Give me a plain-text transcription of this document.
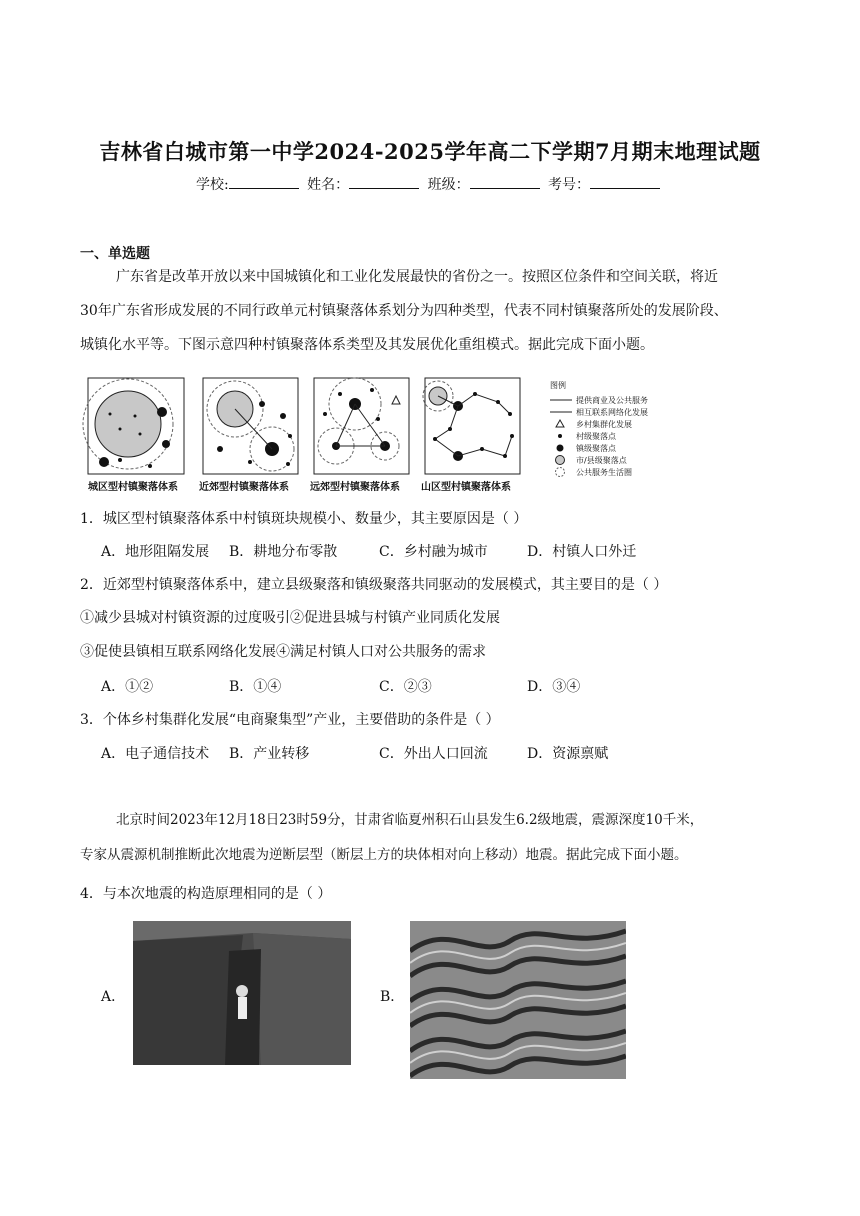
吉林省白城市第一中学2024-2025学年高二下学期7月期末地理试题
学校:	姓名：	班级：	考号：
一、单选题
广东省是改革开放以来中国城镇化和工业化发展最快的省份之一。按照区位条件和空间关联，将近
30年广东省形成发展的不同行政单元村镇聚落体系划分为四种类型，代表不同村镇聚落所处的发展阶段、
城镇化水平等。下图示意四种村镇聚落体系类型及其发展优化重组模式。据此完成下面小题。
图例
提供商业及公共服务
相互联系网络化发展
乡村集群化发展
村级聚落点
镇级聚落点
市/县级聚落点
公共服务生活圈
城区型村镇聚落体系 近郊型村镇聚落体系 远郊型村镇聚落体系 山区型村镇聚落体系
1．城区型村镇聚落体系中村镇斑块规模小、数量少，其主要原因是（ ）
A．地形阻隔发展 B．耕地分布零散	C．乡村融为城市	D．村镇人口外迁
2．近郊型村镇聚落体系中，建立县级聚落和镇级聚落共同驱动的发展模式，其主要目的是（ ）
①减少县城对村镇资源的过度吸引②促进县城与村镇产业同质化发展
③促使县镇相互联系网络化发展④满足村镇人口对公共服务的需求
A．①②	B．①④	C．②③	D．③④
3．个体乡村集群化发展“电商聚集型”产业，主要借助的条件是（ ）
A．电子通信技术 B．产业转移	C．外出人口回流	D．资源禀赋
北京时间2023年12月18日23时59分，甘肃省临夏州积石山县发生6.2级地震，震源深度10千米，
专家从震源机制推断此次地震为逆断层型（断层上方的块体相对向上移动）地震。据此完成下面小题。
4．与本次地震的构造原理相同的是（ ）
A．	B．
